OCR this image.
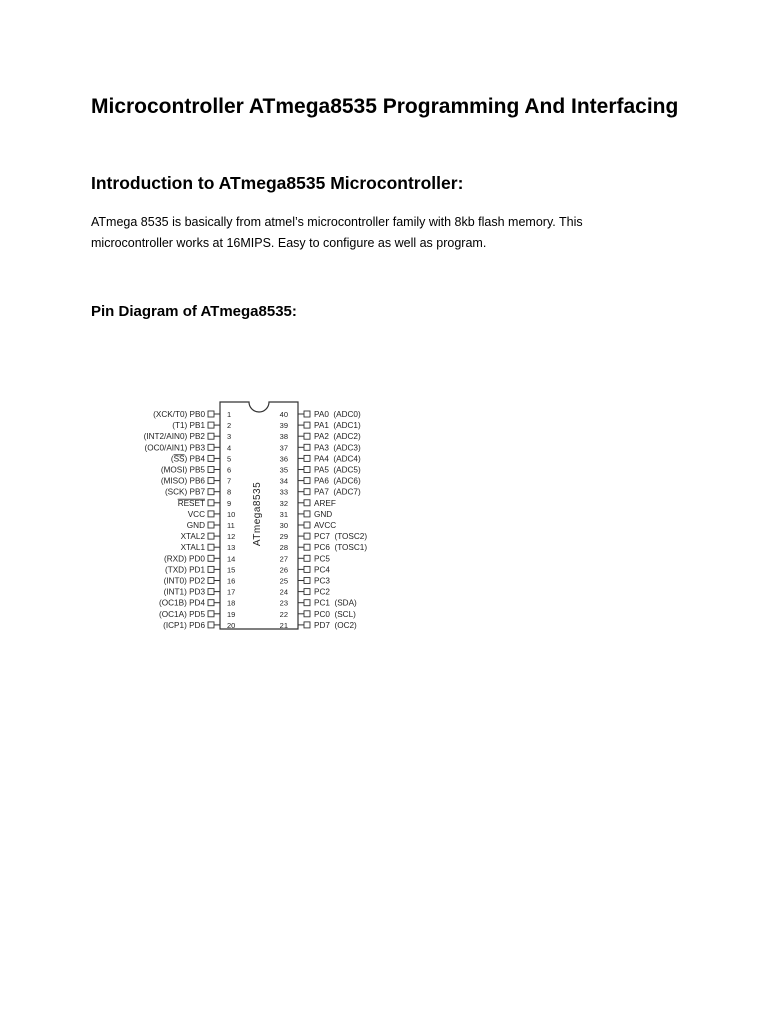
Microcontroller ATmega8535 Programming And Interfacing
Introduction to ATmega8535 Microcontroller:
ATmega 8535 is basically from atmel’s microcontroller family with 8kb flash memory. This
microcontroller works at 16MIPS. Easy to configure as well as program.
Pin Diagram of ATmega8535:
1
(XCK/T0) PB0
2
(T1) PB1
3
(INT2/AIN0) PB2
4
(OC0/AIN1) PB3
5
(SS) PB4
6
(MOSI) PB5
7
(MISO) PB6
8
(SCK) PB7
9
RESET
10
VCC
11
GND
12
XTAL2
13
XTAL1
14
(RXD) PD0
15
(TXD) PD1
16
(INT0) PD2
17
(INT1) PD3
18
(OC1B) PD4
19
(OC1A) PD5
20
(ICP1) PD6
40	PA0  (ADC0)
39	PA1  (ADC1)
38	PA2  (ADC2)
37	PA3  (ADC3)
36	PA4  (ADC4)
35	PA5  (ADC5)
34	PA6  (ADC6)
33	PA7  (ADC7)
32	AREF
31	GND
30	AVCC
29	PC7  (TOSC2)
28	PC6  (TOSC1)
27	PC5
26	PC4
25	PC3
24	PC2
23	PC1  (SDA)
22	PC0  (SCL)
21	PD7  (OC2)
ATmega8535
